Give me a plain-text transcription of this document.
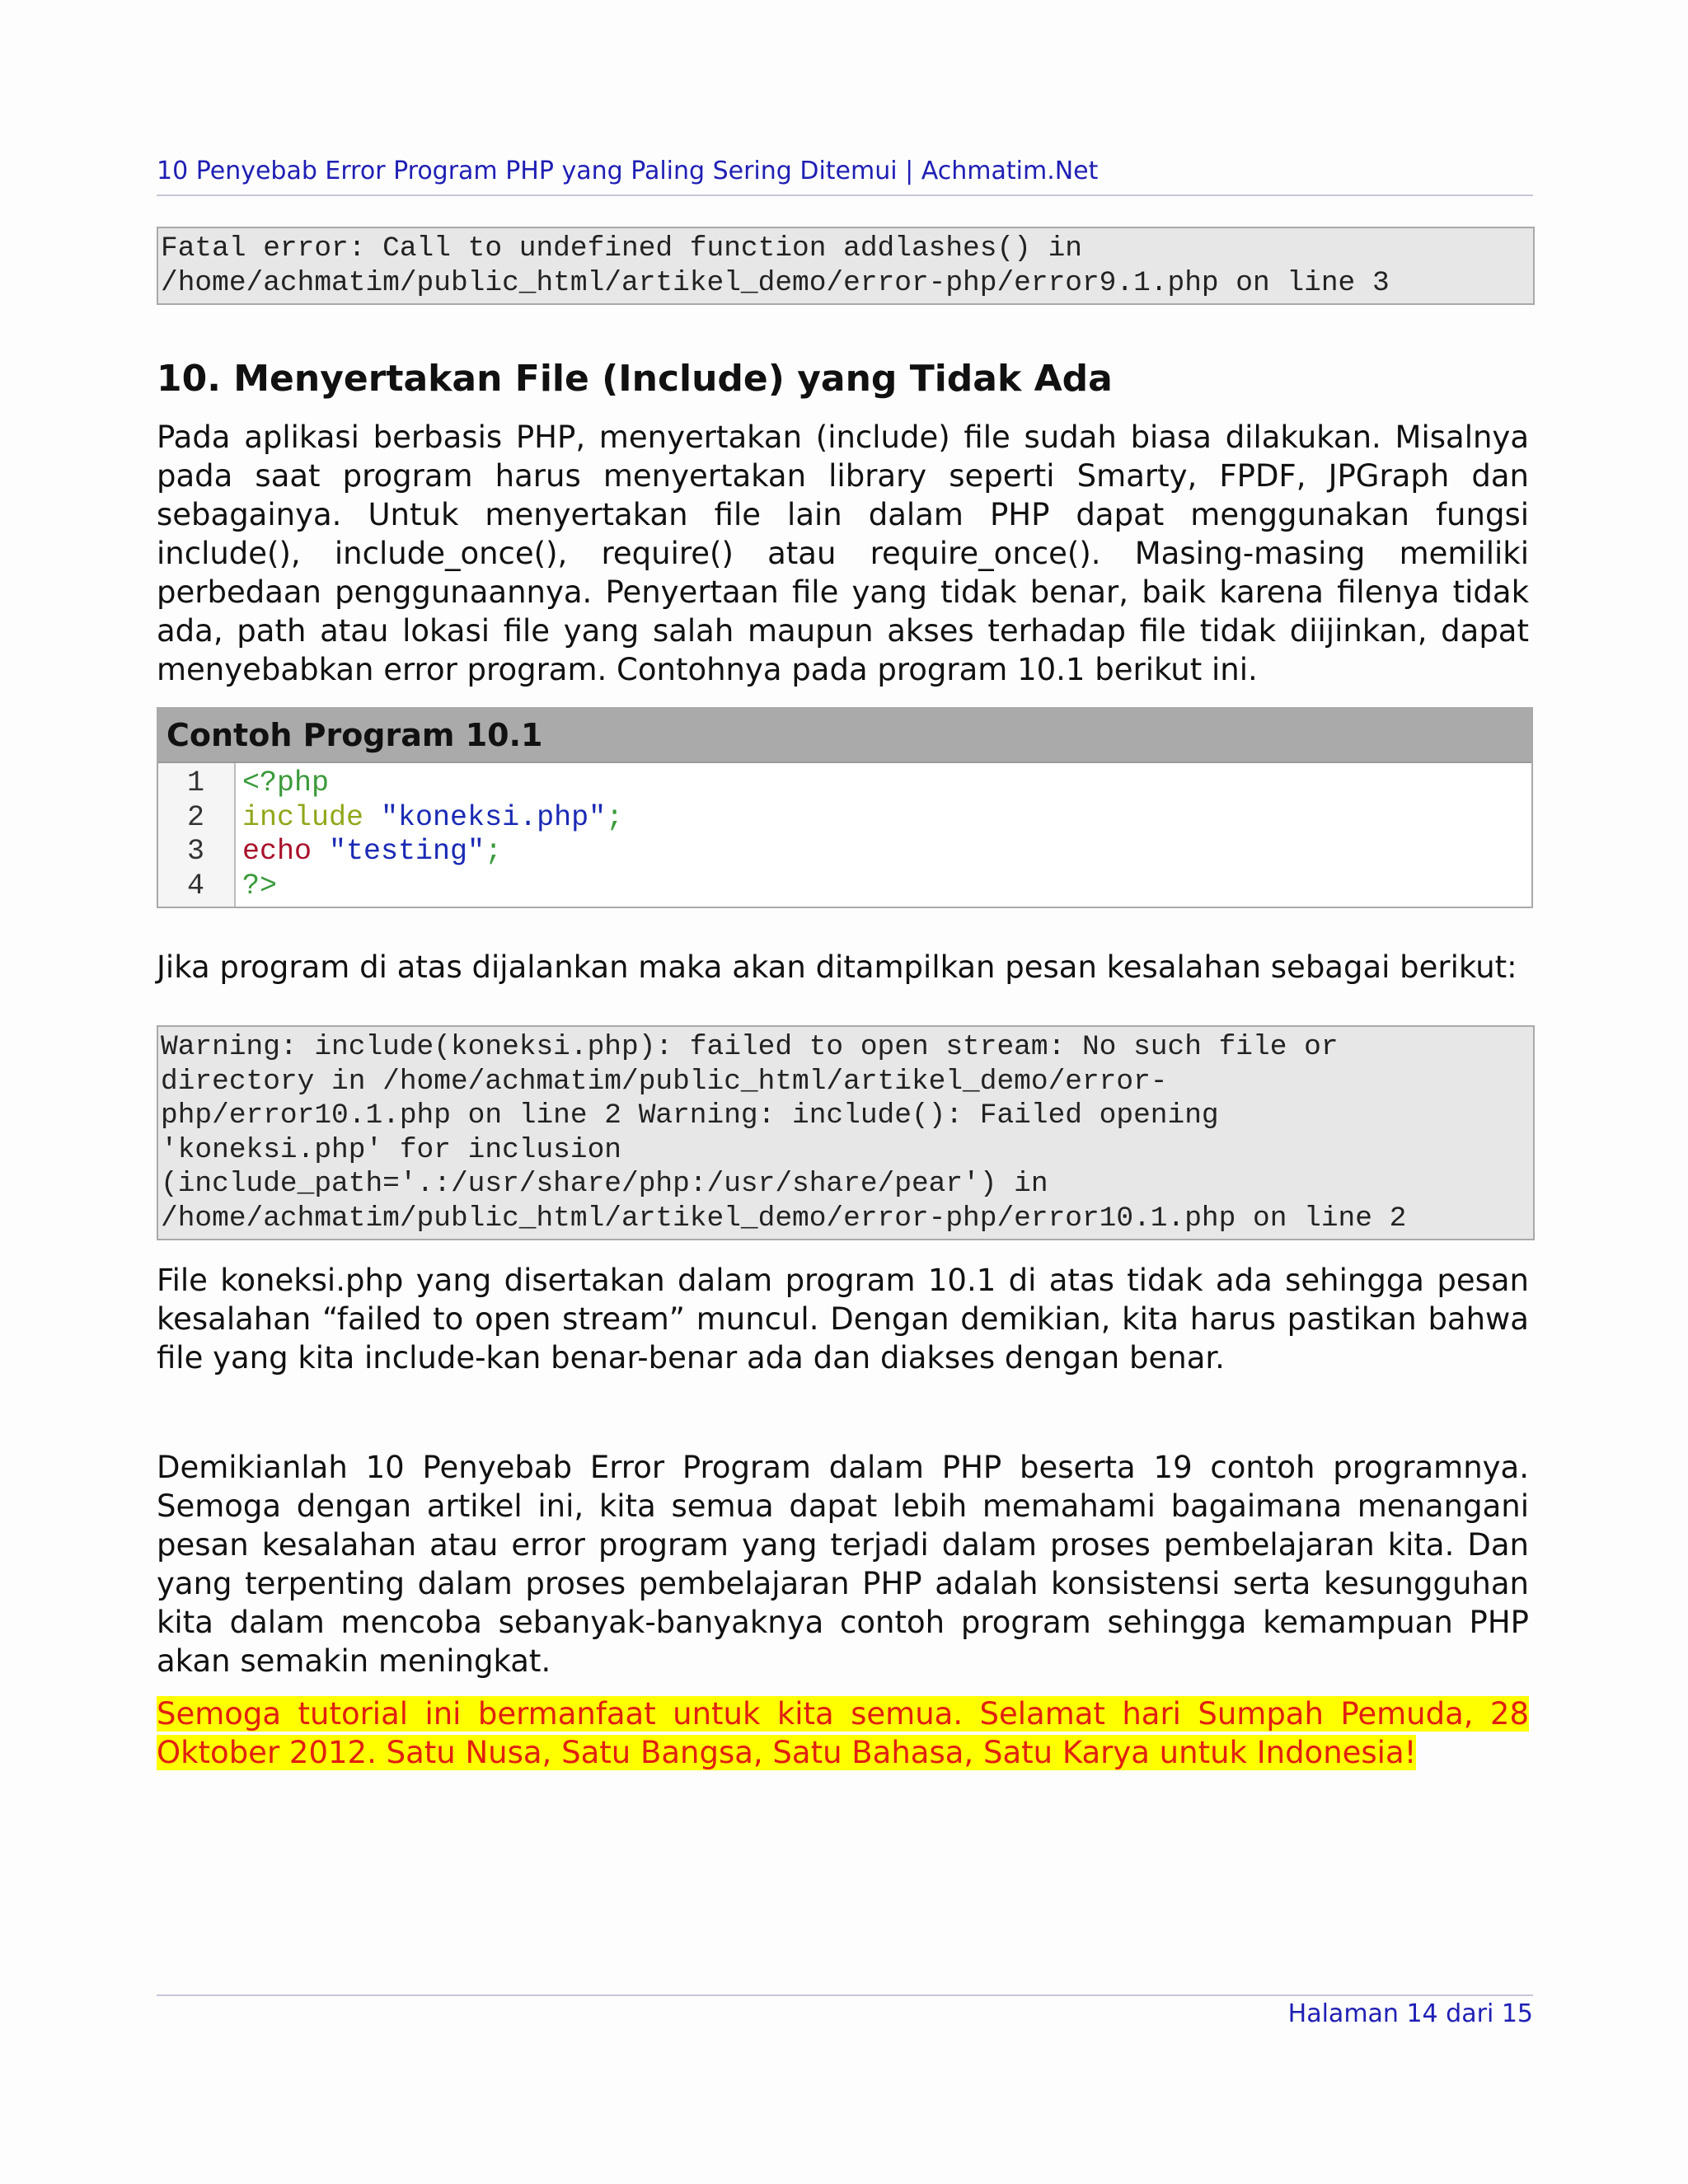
10 Penyebab Error Program PHP yang Paling Sering Ditemui | Achmatim.Net
Fatal error: Call to undefined function addlashes() in
/home/achmatim/public_html/artikel_demo/error-php/error9.1.php on line 3
10. Menyertakan File (Include) yang Tidak Ada
Pada aplikasi berbasis PHP, menyertakan (include) file sudah biasa dilakukan. Misalnya pada saat program harus menyertakan library seperti Smarty, FPDF, JPGraph dan sebagainya. Untuk menyertakan file lain dalam PHP dapat menggunakan fungsi include(), include_once(), require() atau require_once(). Masing-masing memiliki perbedaan penggunaannya. Penyertaan file yang tidak benar, baik karena filenya tidak ada, path atau lokasi file yang salah maupun akses terhadap file tidak diijinkan, dapat menyebabkan error program. Contohnya pada program 10.1 berikut ini.
Contoh Program 10.1
1
2
3
4
<?php
include "koneksi.php";
echo "testing";
?>
Jika program di atas dijalankan maka akan ditampilkan pesan kesalahan sebagai berikut:
Warning: include(koneksi.php): failed to open stream: No such file or
directory in /home/achmatim/public_html/artikel_demo/error-
php/error10.1.php on line 2 Warning: include(): Failed opening
'koneksi.php' for inclusion
(include_path='.:/usr/share/php:/usr/share/pear') in
/home/achmatim/public_html/artikel_demo/error-php/error10.1.php on line 2
File koneksi.php yang disertakan dalam program 10.1 di atas tidak ada sehingga pesan kesalahan “failed to open stream” muncul. Dengan demikian, kita harus pastikan bahwa file yang kita include-kan benar-benar ada dan diakses dengan benar.
Demikianlah 10 Penyebab Error Program dalam PHP beserta 19 contoh programnya. Semoga dengan artikel ini, kita semua dapat lebih memahami bagaimana menangani pesan kesalahan atau error program yang terjadi dalam proses pembelajaran kita. Dan yang terpenting dalam proses pembelajaran PHP adalah konsistensi serta kesungguhan kita dalam mencoba sebanyak-banyaknya contoh program sehingga kemampuan PHP akan semakin meningkat.
Semoga tutorial ini bermanfaat untuk kita semua. Selamat hari Sumpah Pemuda, 28 Oktober 2012. Satu Nusa, Satu Bangsa, Satu Bahasa, Satu Karya untuk Indonesia!
Halaman 14 dari 15
